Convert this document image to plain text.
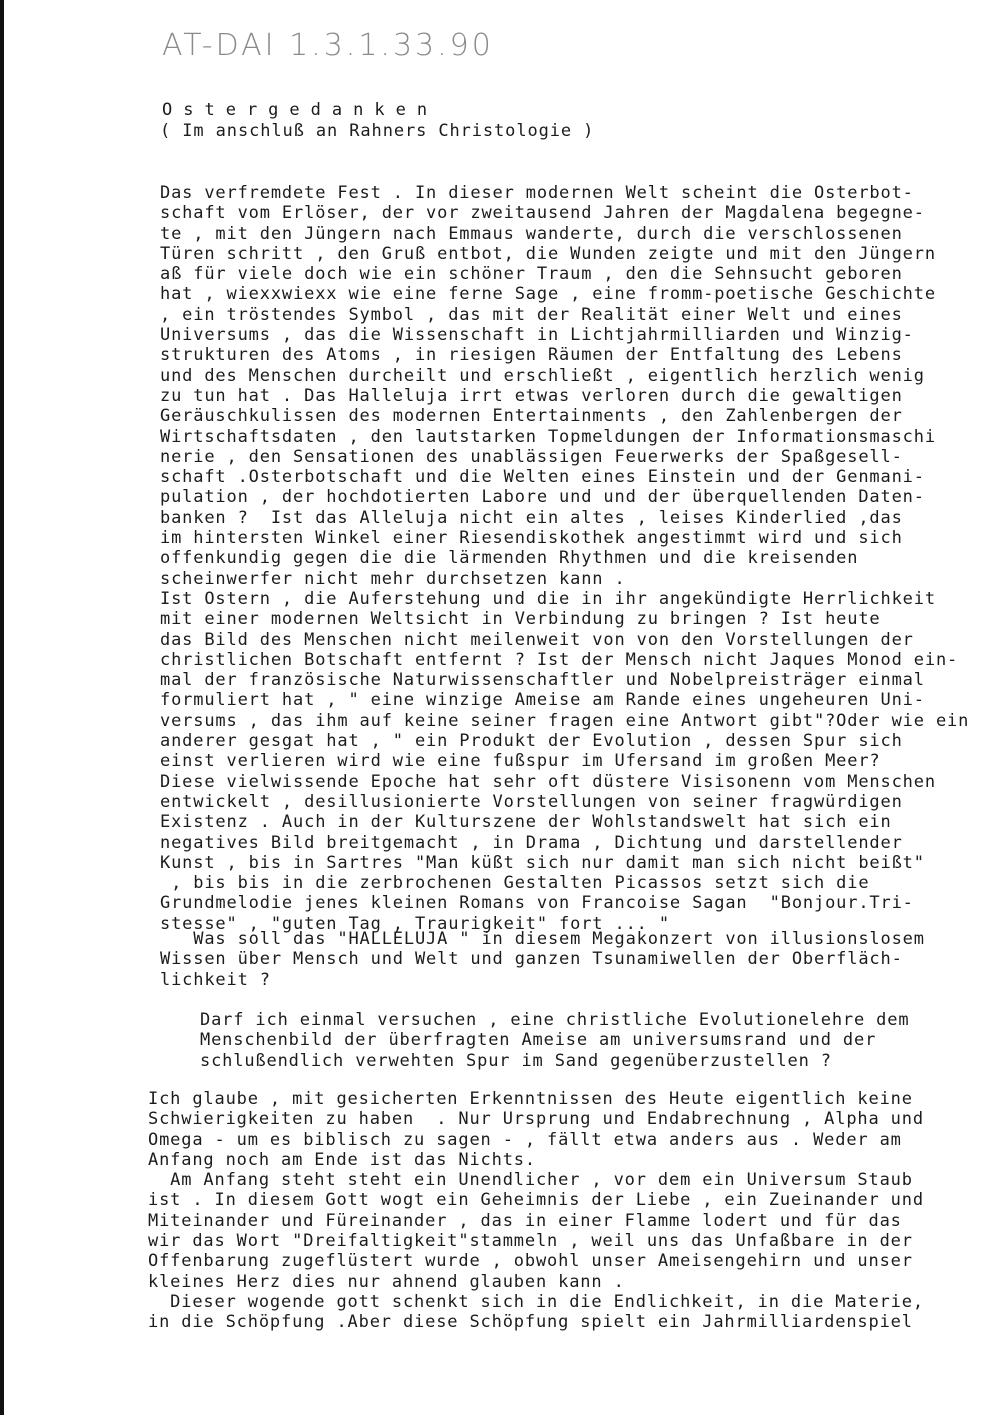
AT-DAI 1.3.1.33.90
Ostergedanken
( Im anschluß an Rahners Christologie )
Das verfremdete Fest . In dieser modernen Welt scheint die Osterbot-
schaft vom Erlöser, der vor zweitausend Jahren der Magdalena begegne-
te , mit den Jüngern nach Emmaus wanderte, durch die verschlossenen
Türen schritt , den Gruß entbot, die Wunden zeigte und mit den Jüngern
aß für viele doch wie ein schöner Traum , den die Sehnsucht geboren
hat , wiexxwiexx wie eine ferne Sage , eine fromm-poetische Geschichte
, ein tröstendes Symbol , das mit der Realität einer Welt und eines
Universums , das die Wissenschaft in Lichtjahrmilliarden und Winzig-
strukturen des Atoms , in riesigen Räumen der Entfaltung des Lebens
und des Menschen durcheilt und erschließt , eigentlich herzlich wenig
zu tun hat . Das Halleluja irrt etwas verloren durch die gewaltigen
Geräuschkulissen des modernen Entertainments , den Zahlenbergen der
Wirtschaftsdaten , den lautstarken Topmeldungen der Informationsmaschi
nerie , den Sensationen des unablässigen Feuerwerks der Spaßgesell-
schaft .Osterbotschaft und die Welten eines Einstein und der Genmani-
pulation , der hochdotierten Labore und und der überquellenden Daten-
banken ?  Ist das Alleluja nicht ein altes , leises Kinderlied ,das
im hintersten Winkel einer Riesendiskothek angestimmt wird und sich
offenkundig gegen die die lärmenden Rhythmen und die kreisenden
scheinwerfer nicht mehr durchsetzen kann .
Ist Ostern , die Auferstehung und die in ihr angekündigte Herrlichkeit
mit einer modernen Weltsicht in Verbindung zu bringen ? Ist heute
das Bild des Menschen nicht meilenweit von von den Vorstellungen der
christlichen Botschaft entfernt ? Ist der Mensch nicht Jaques Monod ein-
mal der französische Naturwissenschaftler und Nobelpreisträger einmal
formuliert hat , " eine winzige Ameise am Rande eines ungeheuren Uni-
versums , das ihm auf keine seiner fragen eine Antwort gibt"?Oder wie ein
anderer gesgat hat , " ein Produkt der Evolution , dessen Spur sich
einst verlieren wird wie eine fußspur im Ufersand im großen Meer?
Diese vielwissende Epoche hat sehr oft düstere Visisonenn vom Menschen
entwickelt , desillusionierte Vorstellungen von seiner fragwürdigen
Existenz . Auch in der Kulturszene der Wohlstandswelt hat sich ein
negatives Bild breitgemacht , in Drama , Dichtung und darstellender
Kunst , bis in Sartres "Man küßt sich nur damit man sich nicht beißt"
, bis bis in die zerbrochenen Gestalten Picassos setzt sich die
Grundmelodie jenes kleinen Romans von Francoise Sagan  "Bonjour.Tri-
stesse" , "guten Tag , Traurigkeit" fort ... "
Was soll das "HALLELUJA " in diesem Megakonzert von illusionslosem
Wissen über Mensch und Welt und ganzen Tsunamiwellen der Oberfläch-
lichkeit ?
Darf ich einmal versuchen , eine christliche Evolutionelehre dem
Menschenbild der überfragten Ameise am universumsrand und der
schlußendlich verwehten Spur im Sand gegenüberzustellen ?
Ich glaube , mit gesicherten Erkenntnissen des Heute eigentlich keine
Schwierigkeiten zu haben  . Nur Ursprung und Endabrechnung , Alpha und
Omega - um es biblisch zu sagen - , fällt etwa anders aus . Weder am
Anfang noch am Ende ist das Nichts.
Am Anfang steht steht ein Unendlicher , vor dem ein Universum Staub
ist . In diesem Gott wogt ein Geheimnis der Liebe , ein Zueinander und
Miteinander und Füreinander , das in einer Flamme lodert und für das
wir das Wort "Dreifaltigkeit"stammeln , weil uns das Unfaßbare in der
Offenbarung zugeflüstert wurde , obwohl unser Ameisengehirn und unser
kleines Herz dies nur ahnend glauben kann .
Dieser wogende gott schenkt sich in die Endlichkeit, in die Materie,
in die Schöpfung .Aber diese Schöpfung spielt ein Jahrmilliardenspiel
